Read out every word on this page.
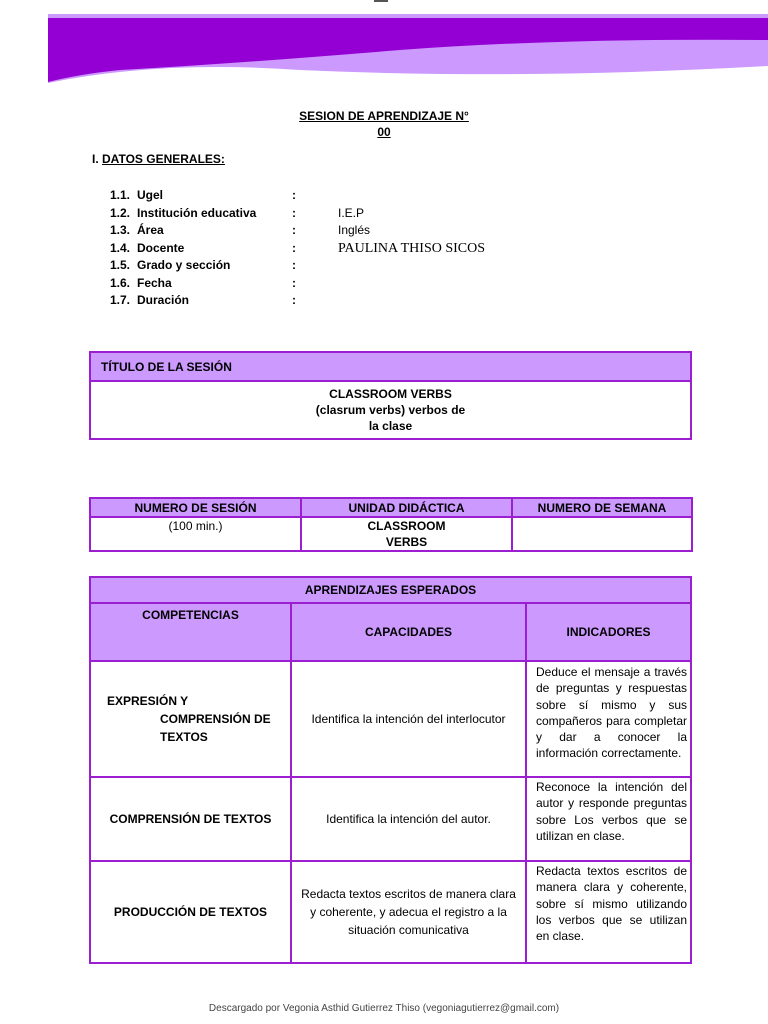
SESION DE APRENDIZAJE N°
00
I. DATOS GENERALES:
1.1. Ugel	:
1.2. Institución educativa	:	I.E.P
1.3. Área	:	Inglés
1.4. Docente	:	PAULINA THISO SICOS
1.5. Grado y sección	:
1.6. Fecha	:
1.7. Duración	:
TÍTULO DE LA SESIÓN

CLASSROOM VERBS
(clasrum verbs) verbos de
la clase
NUMERO DE SESIÓN	UNIDAD DIDÁCTICA	NUMERO DE SEMANA
(100 min.)	CLASSROOM
VERBS	

APRENDIZAJES ESPERADOS		
COMPETENCIAS	CAPACIDADES	INDICADORES

EXPRESIÓN Y
COMPRENSIÓN DE
TEXTOS	Identifica la intención del interlocutor	Deduce el mensaje a través de preguntas y respuestas sobre sí mismo y sus compañeros para completar y dar a conocer la información correctamente.
COMPRENSIÓN DE TEXTOS	Identifica la intención del autor.	Reconoce la intención del autor y responde preguntas sobre Los verbos que se utilizan en clase.
PRODUCCIÓN DE TEXTOS	Redacta textos escritos de manera clara y coherente, y adecua el registro a la situación comunicativa	Redacta textos escritos de manera clara y coherente, sobre sí mismo utilizando los verbos que se utilizan en clase.
Descargado por Vegonia Asthid Gutierrez Thiso (vegoniagutierrez@gmail.com)
